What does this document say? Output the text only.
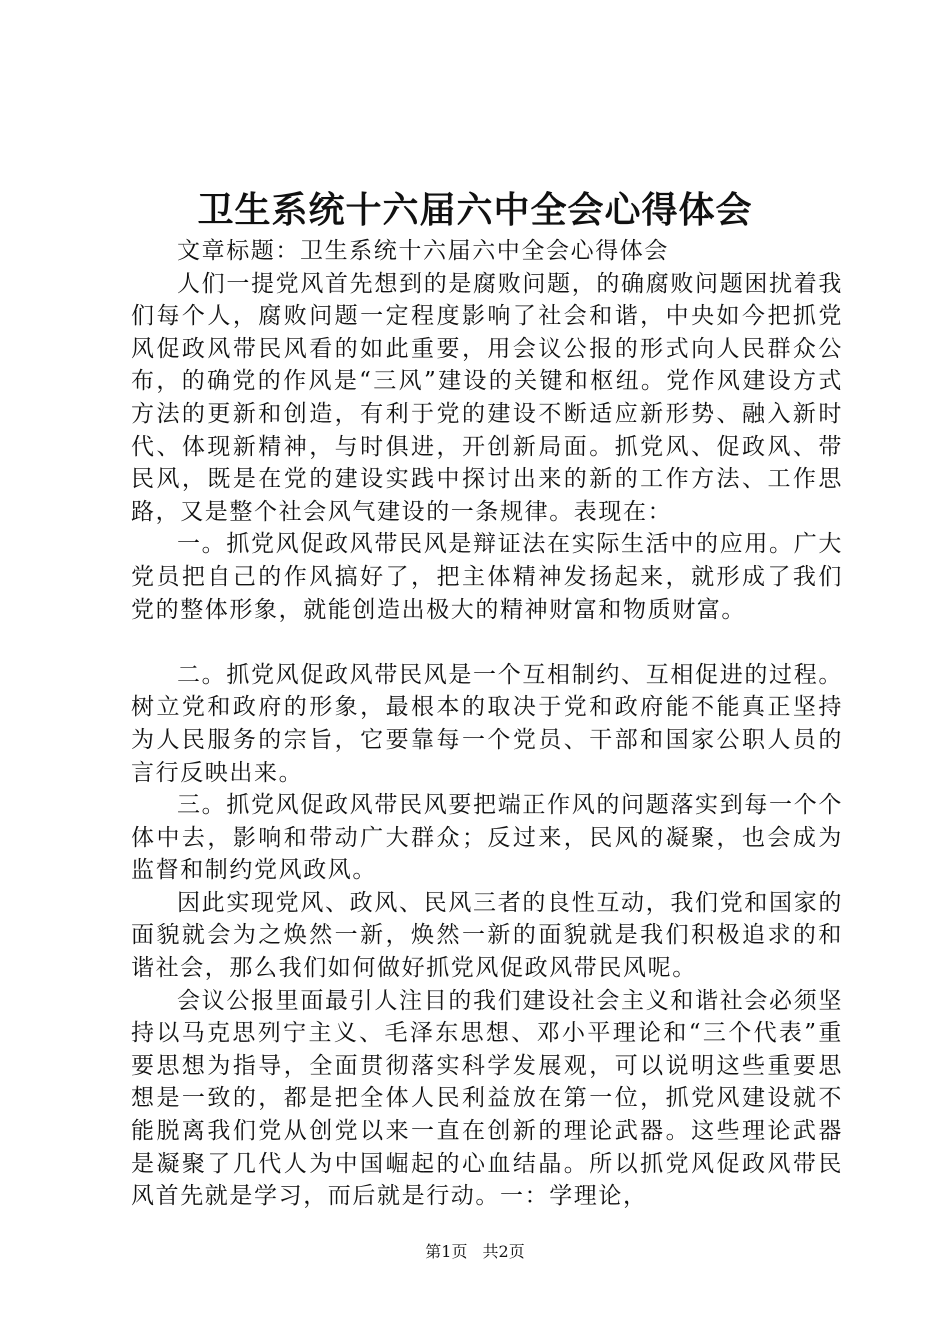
卫生系统十六届六中全会心得体会

文章标题：卫生系统十六届六中全会心得体会

人们一提党风首先想到的是腐败问题，的确腐败问题困扰着我们每个人，腐败问题一定程度影响了社会和谐，中央如今把抓党风促政风带民风看的如此重要，用会议公报的形式向人民群众公布，的确党的作风是“三风”建设的关键和枢纽。党作风建设方式方法的更新和创造，有利于党的建设不断适应新形势、融入新时代、体现新精神，与时俱进，开创新局面。抓党风、促政风、带民风，既是在党的建设实践中探讨出来的新的工作方法、工作思路，又是整个社会风气建设的一条规律。表现在：

一。抓党风促政风带民风是辩证法在实际生活中的应用。广大党员把自己的作风搞好了，把主体精神发扬起来，就形成了我们党的整体形象，就能创造出极大的精神财富和物质财富。

二。抓党风促政风带民风是一个互相制约、互相促进的过程。树立党和政府的形象，最根本的取决于党和政府能不能真正坚持为人民服务的宗旨，它要靠每一个党员、干部和国家公职人员的言行反映出来。

三。抓党风促政风带民风要把端正作风的问题落实到每一个个体中去，影响和带动广大群众；反过来，民风的凝聚，也会成为监督和制约党风政风。

因此实现党风、政风、民风三者的良性互动，我们党和国家的面貌就会为之焕然一新，焕然一新的面貌就是我们积极追求的和谐社会，那么我们如何做好抓党风促政风带民风呢。

会议公报里面最引人注目的我们建设社会主义和谐社会必须坚持以马克思列宁主义、毛泽东思想、邓小平理论和“三个代表”重要思想为指导，全面贯彻落实科学发展观，可以说明这些重要思想是一致的，都是把全体人民利益放在第一位，抓党风建设就不能脱离我们党从创党以来一直在创新的理论武器。这些理论武器是凝聚了几代人为中国崛起的心血结晶。所以抓党风促政风带民风首先就是学习，而后就是行动。一：学理论，

第1页 共2页
